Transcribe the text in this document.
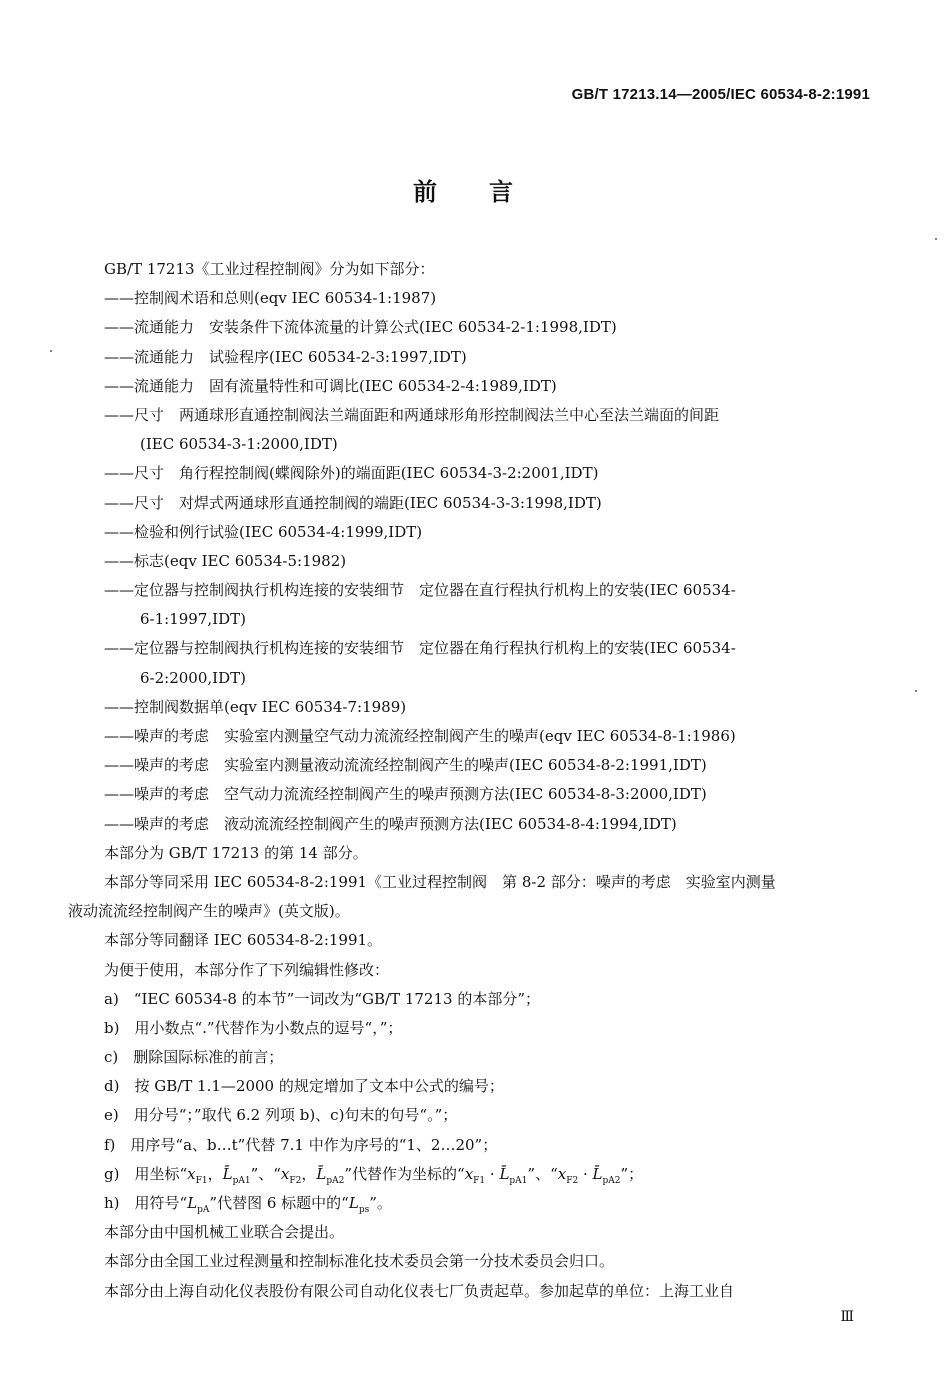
GB/T 17213.14—2005/IEC 60534-8-2:1991
前言
GB/T 17213《工业过程控制阀》分为如下部分：
——控制阀术语和总则(eqv IEC 60534-1:1987)
——流通能力　安装条件下流体流量的计算公式(IEC 60534-2-1:1998,IDT)
——流通能力　试验程序(IEC 60534-2-3:1997,IDT)
——流通能力　固有流量特性和可调比(IEC 60534-2-4:1989,IDT)
——尺寸　两通球形直通控制阀法兰端面距和两通球形角形控制阀法兰中心至法兰端面的间距
(IEC 60534-3-1:2000,IDT)
——尺寸　角行程控制阀(蝶阀除外)的端面距(IEC 60534-3-2:2001,IDT)
——尺寸　对焊式两通球形直通控制阀的端距(IEC 60534-3-3:1998,IDT)
——检验和例行试验(IEC 60534-4:1999,IDT)
——标志(eqv IEC 60534-5:1982)
——定位器与控制阀执行机构连接的安装细节　定位器在直行程执行机构上的安装(IEC 60534-
6-1:1997,IDT)
——定位器与控制阀执行机构连接的安装细节　定位器在角行程执行机构上的安装(IEC 60534-
6-2:2000,IDT)
——控制阀数据单(eqv IEC 60534-7:1989)
——噪声的考虑　实验室内测量空气动力流流经控制阀产生的噪声(eqv IEC 60534-8-1:1986)
——噪声的考虑　实验室内测量液动流流经控制阀产生的噪声(IEC 60534-8-2:1991,IDT)
——噪声的考虑　空气动力流流经控制阀产生的噪声预测方法(IEC 60534-8-3:2000,IDT)
——噪声的考虑　液动流流经控制阀产生的噪声预测方法(IEC 60534-8-4:1994,IDT)
本部分为 GB/T 17213 的第 14 部分。
本部分等同采用 IEC 60534-8-2:1991《工业过程控制阀　第 8-2 部分：噪声的考虑　实验室内测量
液动流流经控制阀产生的噪声》(英文版)。
本部分等同翻译 IEC 60534-8-2:1991。
为便于使用，本部分作了下列编辑性修改：
a)　“IEC 60534-8 的本节”一词改为“GB/T 17213 的本部分”；
b)　用小数点“.”代替作为小数点的逗号“，”；
c)　删除国际标准的前言；
d)　按 GB/T 1.1—2000 的规定增加了文本中公式的编号；
e)　用分号“；”取代 6.2 列项 b)、c)句末的句号“。”；
f)　用序号“a、b…t”代替 7.1 中作为序号的“1、2…20”；
g)　用坐标“$x_{F1}$，$L̄_{pA1}$”、“$x_{F2}$，$L̄_{pA2}$”代替作为坐标的“$x_{F1}$ · $L̄_{pA1}$”、“$x_{F2}$ · $L̄_{pA2}$”；
h)　用符号“$L_{pA}$”代替图 6 标题中的“$L_{ps}$”。
本部分由中国机械工业联合会提出。
本部分由全国工业过程测量和控制标准化技术委员会第一分技术委员会归口。
本部分由上海自动化仪表股份有限公司自动化仪表七厂负责起草。参加起草的单位：上海工业自
Ⅲ
